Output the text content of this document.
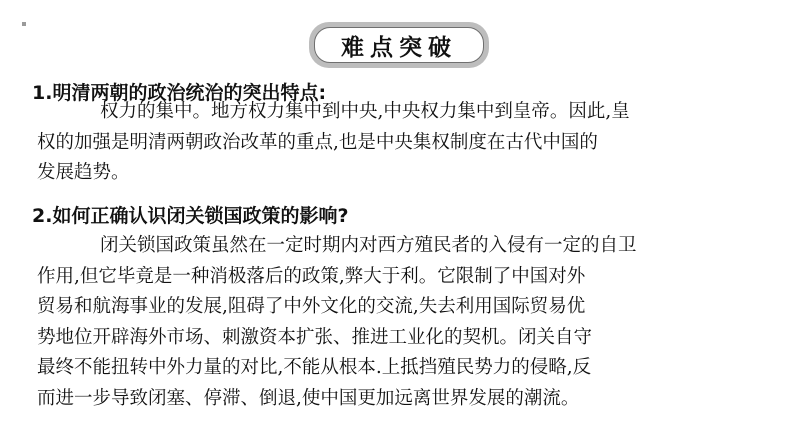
难点突破
1.明清两朝的政治统治的突出特点:
权力的集中。地方权力集中到中央,中央权力集中到皇帝。因此,皇
权的加强是明清两朝政治改革的重点,也是中央集权制度在古代中国的
发展趋势。
2.如何正确认识闭关锁国政策的影响?
闭关锁国政策虽然在一定时期内对西方殖民者的入侵有一定的自卫
作用,但它毕竟是一种消极落后的政策,弊大于利。它限制了中国对外
贸易和航海事业的发展,阻碍了中外文化的交流,失去利用国际贸易优
势地位开辟海外市场、刺激资本扩张、推进工业化的契机。闭关自守
最终不能扭转中外力量的对比,不能从根本.上抵挡殖民势力的侵略,反
而进一步导致闭塞、停滞、倒退,使中国更加远离世界发展的潮流。
